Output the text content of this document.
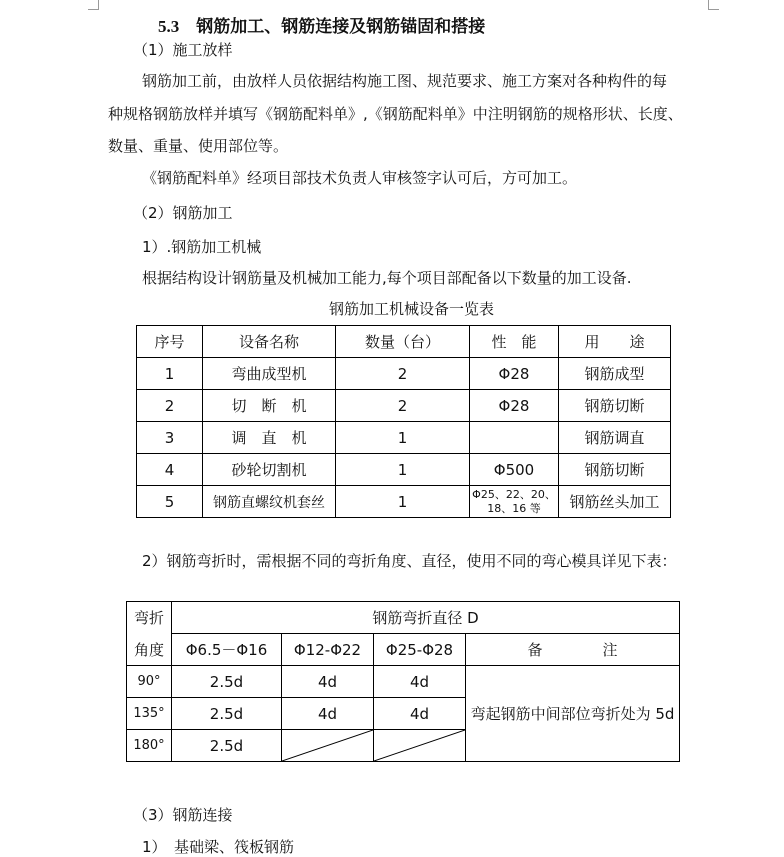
5.3　钢筋加工、钢筋连接及钢筋锚固和搭接
（1）施工放样
钢筋加工前，由放样人员依据结构施工图、规范要求、施工方案对各种构件的每
种规格钢筋放样并填写《钢筋配料单》,《钢筋配料单》中注明钢筋的规格形状、长度、
数量、重量、使用部位等。
《钢筋配料单》经项目部技术负责人审核签字认可后，方可加工。
（2）钢筋加工
1）.钢筋加工机械
根据结构设计钢筋量及机械加工能力,每个项目部配备以下数量的加工设备.
钢筋加工机械设备一览表
序号	设备名称	数量（台）	性　能	用　　途
1	弯曲成型机	2	Φ28	钢筋成型
2	切　断　机	2	Φ28	钢筋切断
3	调　直　机	1		钢筋调直
4	砂轮切割机	1	Φ500	钢筋切断
5	钢筋直螺纹机套丝	1	Φ25、22、20、
18、16 等	钢筋丝头加工
2）钢筋弯折时，需根据不同的弯折角度、直径，使用不同的弯心模具详见下表：
弯折	钢筋弯折直径 D			
角度	Φ6.5－Φ16	Φ12-Φ22	Φ25-Φ28	备　　　　注
90°	2.5d	4d	4d	弯起钢筋中间部位弯折处为 5d
135°	2.5d	4d	4d	
180°	2.5d	

（3）钢筋连接
1）　基础梁、筏板钢筋
